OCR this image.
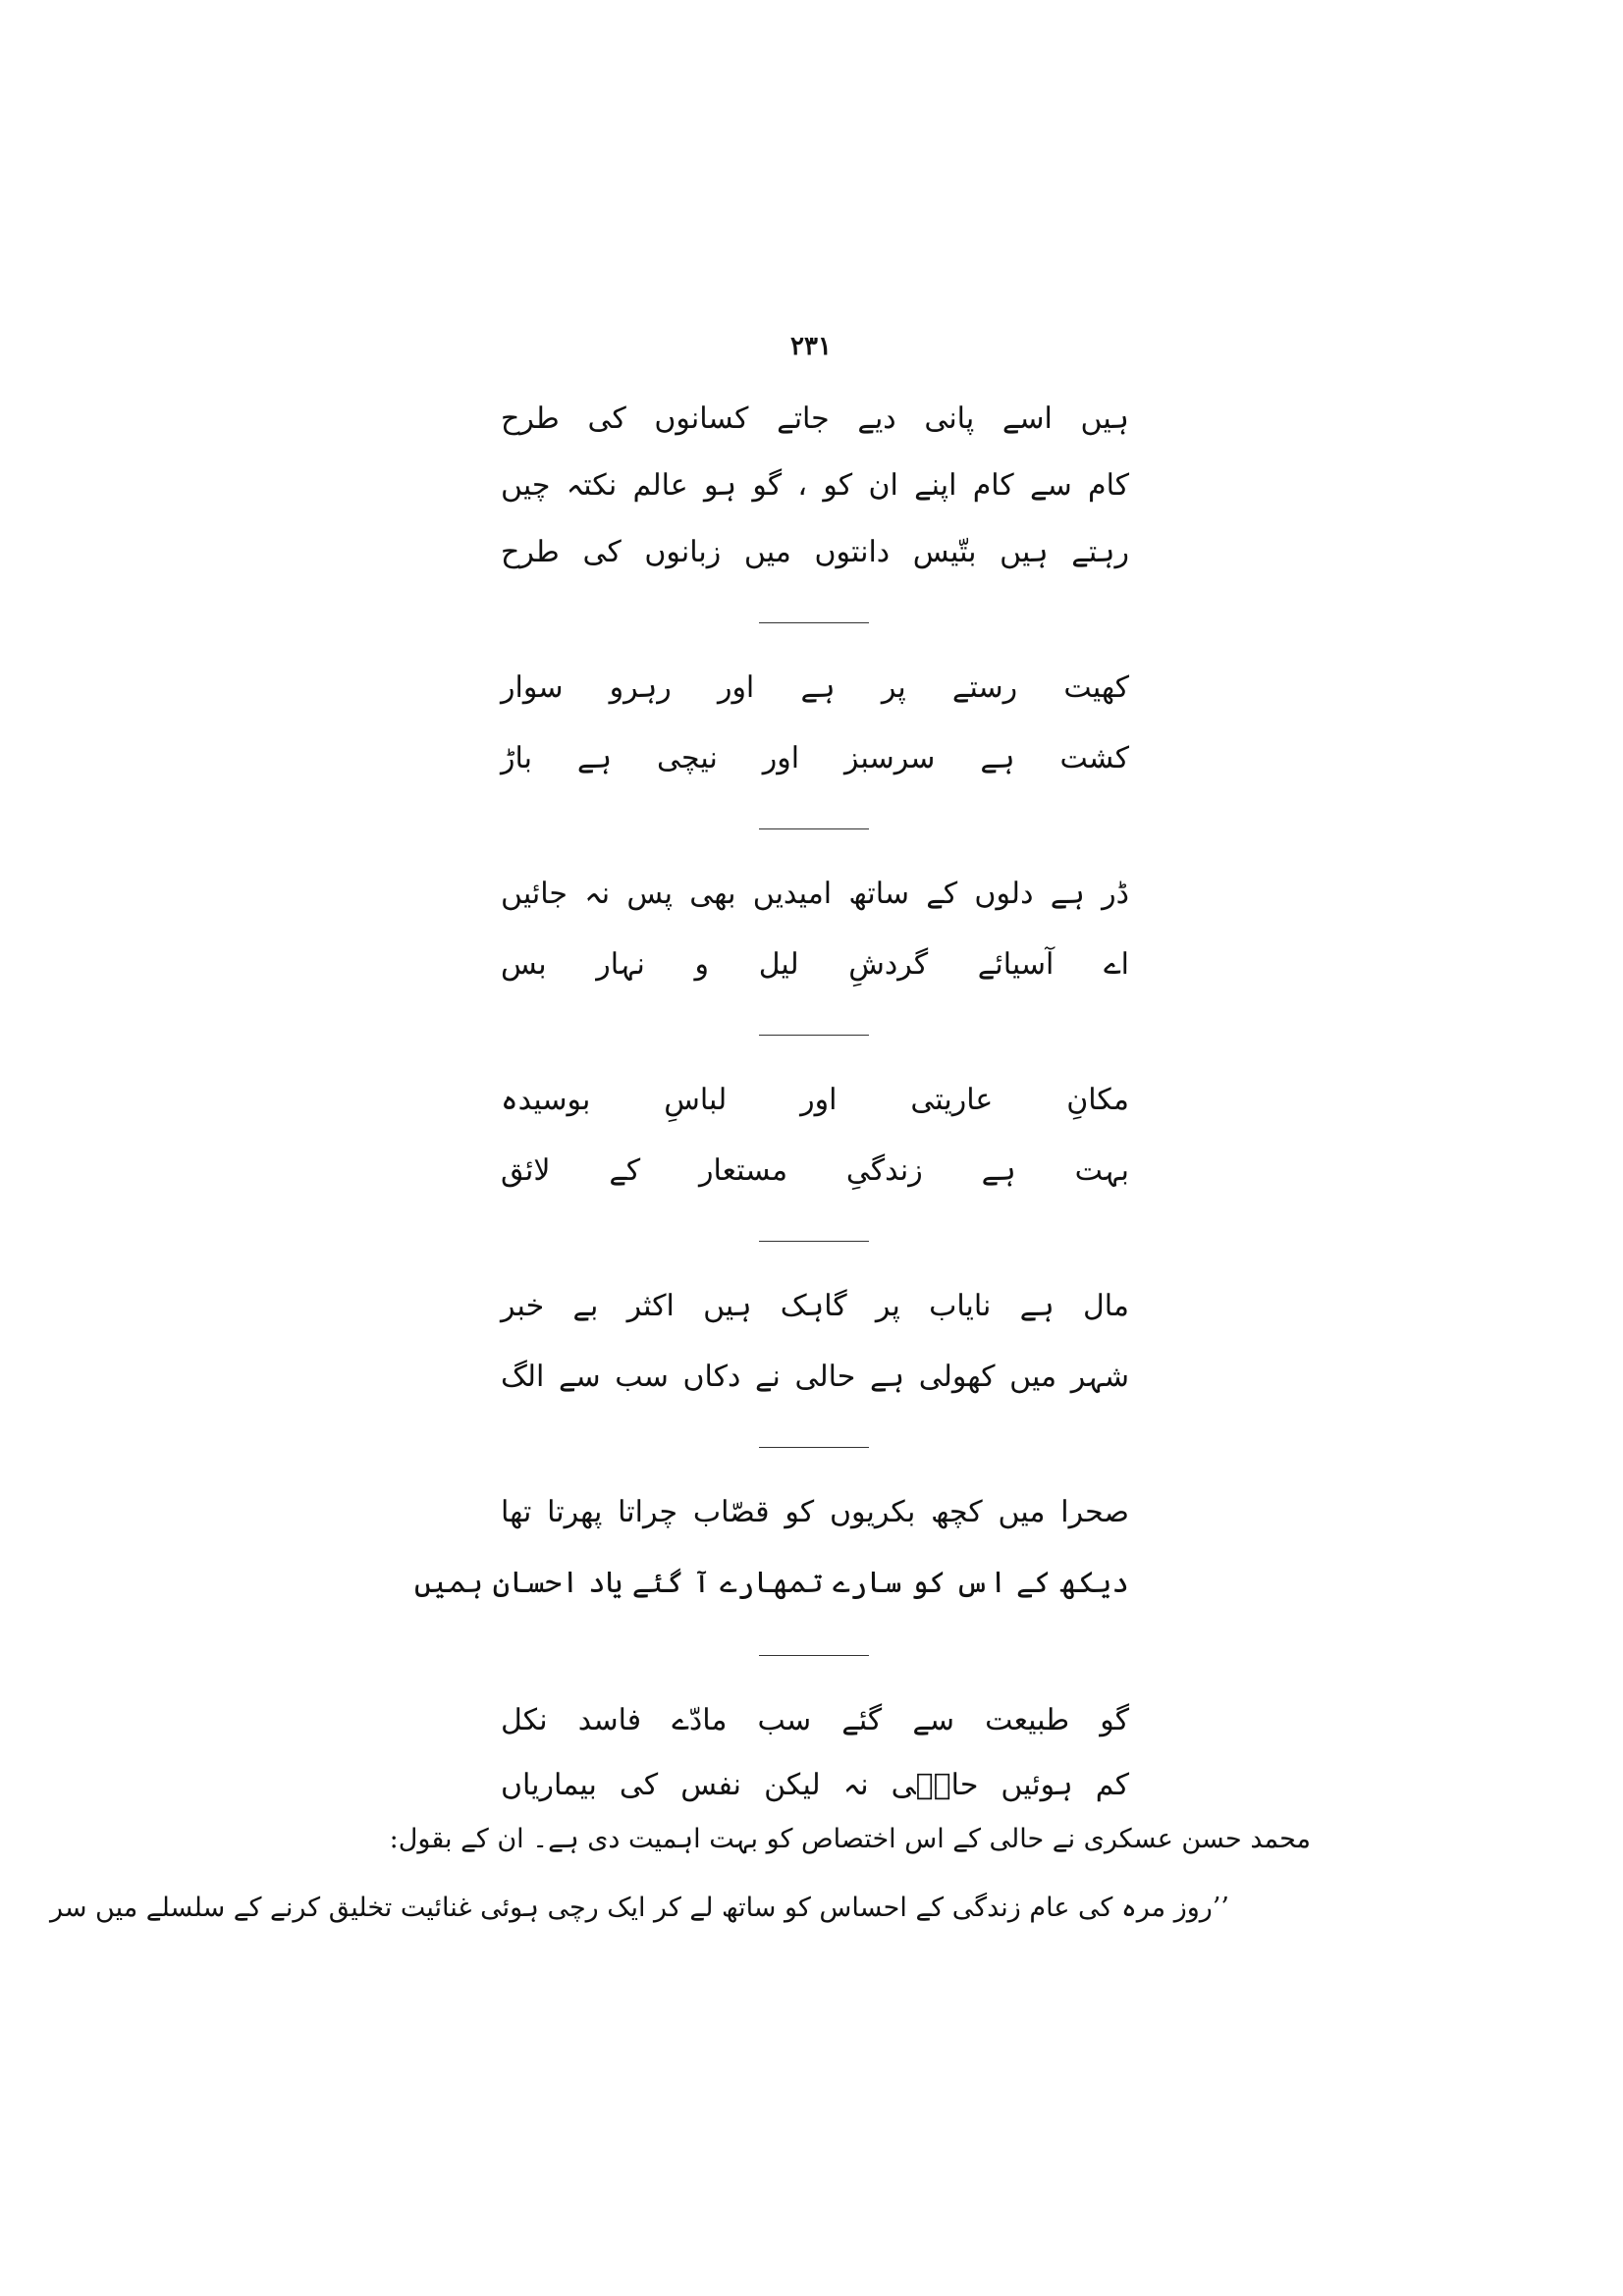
۲۳۱
ہیں اسے پانی دیے جاتے کسانوں کی طرح
کام سے کام اپنے ان کو ، گو ہو عالم نکتہ چیں
رہتے ہیں بتّیس دانتوں میں زبانوں کی طرح
کھیت رستے پر ہے اور رہرو سوار
کشت ہے سرسبز اور نیچی ہے باڑ
ڈر ہے دلوں کے ساتھ امیدیں بھی پس نہ جائیں
اے آسیائے گردشِ لیل و نہار بس
مکانِ عاریتی اور لباسِ بوسیدہ
بہت ہے زندگیِ مستعار کے لائق
مال ہے نایاب پر گاہک ہیں اکثر بے خبر
شہر میں کھولی ہے حالی نے دکاں سب سے الگ
صحرا میں کچھ بکریوں کو قصّاب چراتا پھرتا تھا
دیکھ کے اس کو سارے تمھارے آ گئے یاد احسان ہمیں
گو طبیعت سے گئے سب مادّے فاسد نکل
کم ہوئیں حالؔی نہ لیکن نفس کی بیماریاں
محمد حسن عسکری نے حالی کے اس اختصاص کو بہت اہمیت دی ہے۔ ان کے بقول:
’’روز مرہ کی عام زندگی کے احساس کو ساتھ لے کر ایک رچی ہوئی غنائیت تخلیق کرنے کے سلسلے میں سر
